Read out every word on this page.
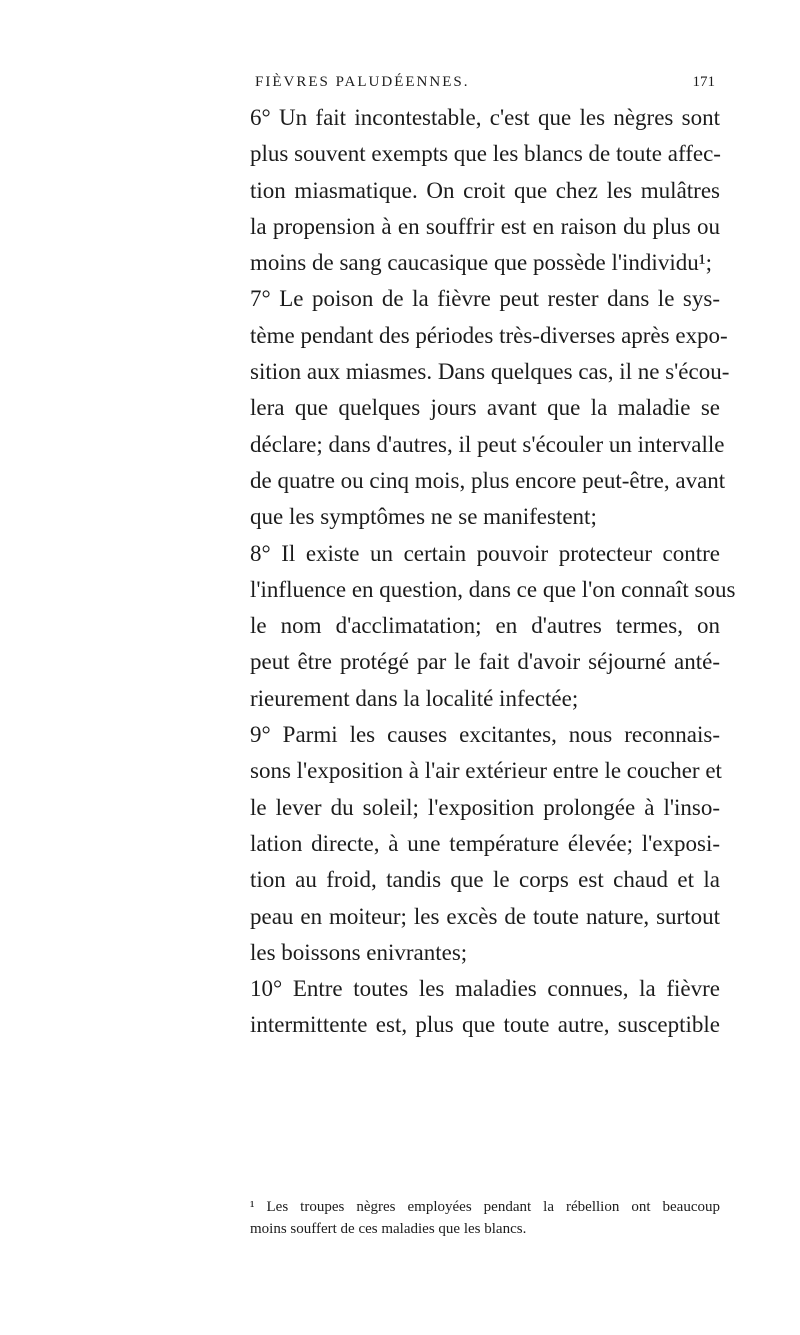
FIÈVRES PALUDÉENNES.	171
6° Un fait incontestable, c'est que les nègres sont
plus souvent exempts que les blancs de toute affec-
tion miasmatique. On croit que chez les mulâtres
la propension à en souffrir est en raison du plus ou
moins de sang caucasique que possède l'individu¹;
7° Le poison de la fièvre peut rester dans le sys-
tème pendant des périodes très-diverses après expo-
sition aux miasmes. Dans quelques cas, il ne s'écou-
lera que quelques jours avant que la maladie se
déclare; dans d'autres, il peut s'écouler un intervalle
de quatre ou cinq mois, plus encore peut-être, avant
que les symptômes ne se manifestent;
8° Il existe un certain pouvoir protecteur contre
l'influence en question, dans ce que l'on connaît sous
le nom d'acclimatation; en d'autres termes, on
peut être protégé par le fait d'avoir séjourné anté-
rieurement dans la localité infectée;
9° Parmi les causes excitantes, nous reconnais-
sons l'exposition à l'air extérieur entre le coucher et
le lever du soleil; l'exposition prolongée à l'inso-
lation directe, à une température élevée; l'exposi-
tion au froid, tandis que le corps est chaud et la
peau en moiteur; les excès de toute nature, surtout
les boissons enivrantes;
10° Entre toutes les maladies connues, la fièvre
intermittente est, plus que toute autre, susceptible
¹ Les troupes nègres employées pendant la rébellion ont beaucoup
moins souffert de ces maladies que les blancs.
